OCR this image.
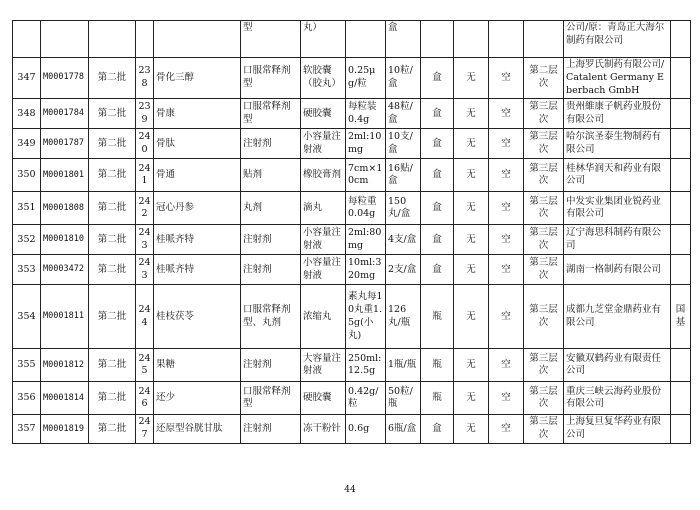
					型	丸）		盒					公司/原：青岛正大海尔制药有限公司	
347	M0001778	第二批	238	骨化三醇	口服常释剂型	软胶囊（胶丸）	0.25μg/粒	10粒/盒	盒	无	空	第二层次	上海罗氏制药有限公司/Catalent Germany Eberbach GmbH	
348	M0001784	第二批	239	骨康	口服常释剂型	硬胶囊	每粒装0.4g	48粒/盒	盒	无	空	第三层次	贵州維康子帆药业股份有限公司	
349	M0001787	第二批	240	骨肽	注射剂	小容量注射液	2ml:10mg	10支/盒	盒	无	空	第三层次	哈尔滨圣泰生物制药有限公司	
350	M0001801	第二批	241	骨通	贴剂	橡胶膏剂	7cm×10cm	16贴/盒	盒	无	空	第三层次	桂林华润天和药业有限公司	
351	M0001808	第二批	242	冠心丹参	丸剂	滴丸	每粒重0.04g	150丸/盒	盒	无	空	第三层次	中发实业集团业锐药业有限公司	
352	M0001810	第二批	243	桂哌齐特	注射剂	小容量注射液	2ml:80mg	4支/盒	盒	无	空	第三层次	辽宁海思科制药有限公司	
353	M0003472	第二批	243	桂哌齐特	注射剂	小容量注射液	10ml:320mg	2支/盒	盒	无	空	第三层次	湖南一格制药有限公司	
354	M0001811	第二批	244	桂枝茯苓	口服常释剂型、丸剂	浓缩丸	素丸每10丸重1.5g(小丸)	126丸/瓶	瓶	无	空	第三层次	成都九芝堂金鼎药业有限公司	国基
355	M0001812	第二批	245	果糖	注射剂	大容量注射液	250ml:12.5g	1瓶/瓶	瓶	无	空	第三层次	安徽双鹤药业有限责任公司	
356	M0001814	第二批	246	还少	口服常释剂型	硬胶囊	0.42g/粒	50粒/瓶	瓶	无	空	第三层次	重庆三峡云海药业股份有限公司	
357	M0001819	第二批	247	还原型谷胱甘肽	注射剂	冻干粉针	0.6g	6瓶/盒	盒	无	空	第三层次	上海复旦复华药业有限公司	
44
